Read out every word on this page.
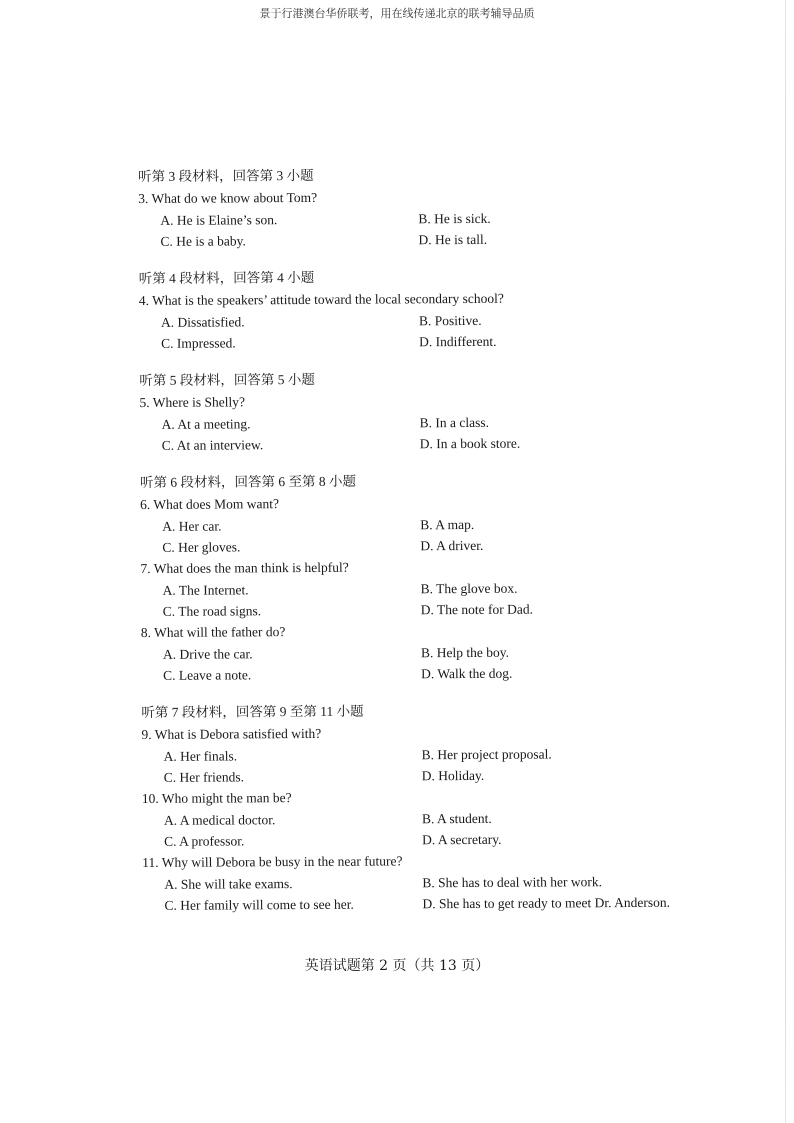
景于行港澳台华侨联考，用在线传递北京的联考辅导品质
听第 3 段材料，回答第 3 小题
3. What do we know about Tom?
A. He is Elaine’s son.	B. He is sick.
C. He is a baby.	D. He is tall.
听第 4 段材料，回答第 4 小题
4. What is the speakers’ attitude toward the local secondary school?
A. Dissatisfied.	B. Positive.
C. Impressed.	D. Indifferent.
听第 5 段材料，回答第 5 小题
5. Where is Shelly?
A. At a meeting.	B. In a class.
C. At an interview.	D. In a book store.
听第 6 段材料，回答第 6 至第 8 小题
6. What does Mom want?
A. Her car.	B. A map.
C. Her gloves.	D. A driver.
7. What does the man think is helpful?
A. The Internet.	B. The glove box.
C. The road signs.	D. The note for Dad.
8. What will the father do?
A. Drive the car.	B. Help the boy.
C. Leave a note.	D. Walk the dog.
听第 7 段材料，回答第 9 至第 11 小题
9. What is Debora satisfied with?
A. Her finals.	B. Her project proposal.
C. Her friends.	D. Holiday.
10. Who might the man be?
A. A medical doctor.	B. A student.
C. A professor.	D. A secretary.
11. Why will Debora be busy in the near future?
A. She will take exams.	B. She has to deal with her work.
C. Her family will come to see her.	D. She has to get ready to meet Dr. Anderson.
英语试题第 2 页（共 13 页）
